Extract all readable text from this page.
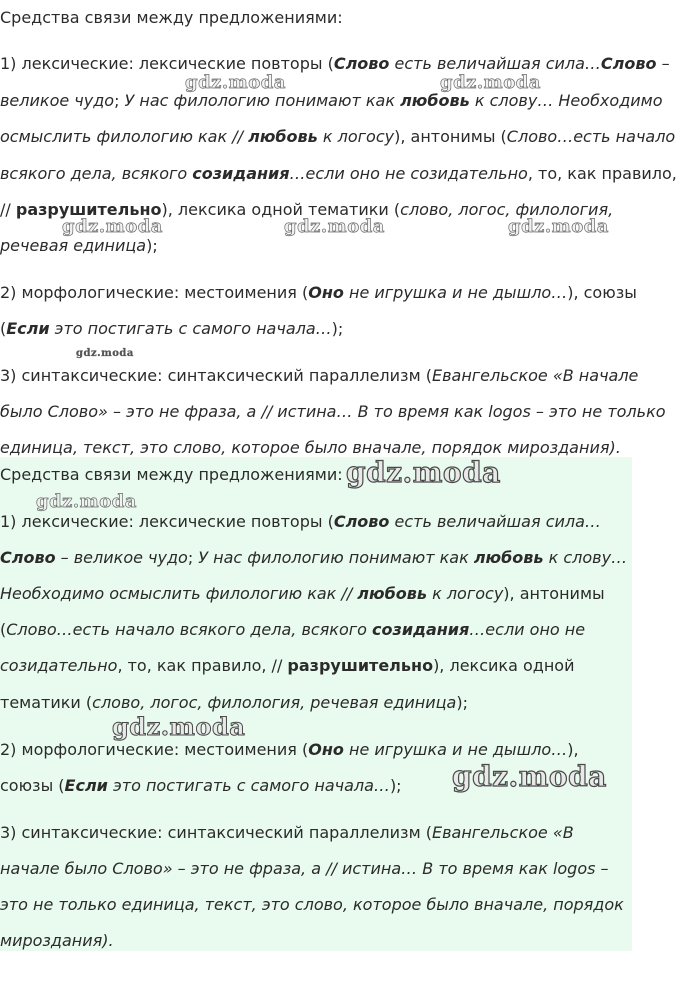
Средства связи между предложениями:

1) лексические: лексические повторы (Слово есть величайшая сила…Слово – великое чудо; У нас филологию понимают как любовь к слову… Необходимо осмыслить филологию как // любовь к логосу), антонимы (Слово…есть начало всякого дела, всякого созидания…если оно не созидательно, то, как правило, // разрушительно), лексика одной тематики (слово, логос, филология, речевая единица);

2) морфологические: местоимения (Оно не игрушка и не дышло…), союзы (Если это постигать с самого начала…);

3) синтаксические: синтаксический параллелизм (Евангельское «В начале было Слово» – это не фраза, а // истина… В то время как logos – это не только единица, текст, это слово, которое было вначале, порядок мироздания).

Средства связи между предложениями:

1) лексические: лексические повторы (Слово есть величайшая сила…Слово – великое чудо; У нас филологию понимают как любовь к слову… Необходимо осмыслить филологию как // любовь к логосу), антонимы (Слово…есть начало всякого дела, всякого созидания…если оно не созидательно, то, как правило, // разрушительно), лексика одной тематики (слово, логос, филология, речевая единица);

2) морфологические: местоимения (Оно не игрушка и не дышло…), союзы (Если это постигать с самого начала…);

3) синтаксические: синтаксический параллелизм (Евангельское «В начале было Слово» – это не фраза, а // истина… В то время как logos – это не только единица, текст, это слово, которое было вначале, порядок мироздания).

gdz.moda	gdz.moda
gdz.moda	gdz.moda	gdz.moda
gdz.moda
gdz.moda
gdz.moda
gdz.moda
gdz.moda
